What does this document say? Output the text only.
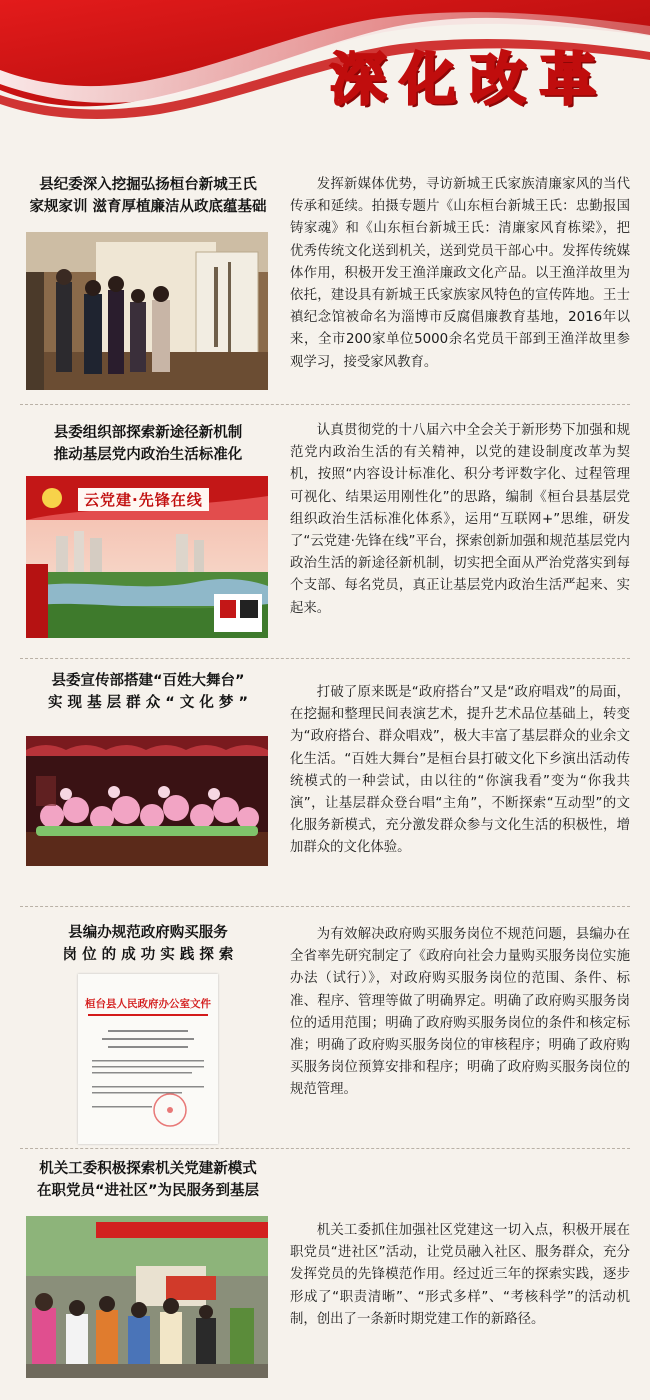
深化改革
县纪委深入挖掘弘扬桓台新城王氏
家规家训 滋育厚植廉洁从政底蕴基础

发挥新媒体优势，寻访新城王氏家族清廉家风的当代传承和延续。拍摄专题片《山东桓台新城王氏：忠勤报国铸家魂》和《山东桓台新城王氏：清廉家风育栋梁》，把优秀传统文化送到机关，送到党员干部心中。发挥传统媒体作用，积极开发王渔洋廉政文化产品。以王渔洋故里为依托，建设具有新城王氏家族家风特色的宣传阵地。王士禛纪念馆被命名为淄博市反腐倡廉教育基地，2016年以来，全市200家单位5000余名党员干部到王渔洋故里参观学习，接受家风教育。

县委组织部探索新途径新机制
推动基层党内政治生活标准化
云党建·先锋在线

认真贯彻党的十八届六中全会关于新形势下加强和规范党内政治生活的有关精神，以党的建设制度改革为契机，按照“内容设计标准化、积分考评数字化、过程管理可视化、结果运用刚性化”的思路，编制《桓台县基层党组织政治生活标准化体系》，运用“互联网+”思维，研发了“云党建·先锋在线”平台，探索创新加强和规范基层党内政治生活的新途径新机制，切实把全面从严治党落实到每个支部、每名党员，真正让基层党内政治生活严起来、实起来。

县委宣传部搭建“百姓大舞台”
实 现 基 层 群 众 “ 文 化 梦 ”

打破了原来既是“政府搭台”又是“政府唱戏”的局面，在挖掘和整理民间表演艺术，提升艺术品位基础上，转变为“政府搭台、群众唱戏”，极大丰富了基层群众的业余文化生活。“百姓大舞台”是桓台县打破文化下乡演出活动传统模式的一种尝试，由以往的“你演我看”变为“你我共演”，让基层群众登台唱“主角”，不断探索“互动型”的文化服务新模式，充分激发群众参与文化生活的积极性，增加群众的文化体验。

县编办规范政府购买服务
岗 位 的 成 功 实 践 探 索
桓台县人民政府办公室文件

为有效解决政府购买服务岗位不规范问题，县编办在全省率先研究制定了《政府向社会力量购买服务岗位实施办法（试行）》，对政府购买服务岗位的范围、条件、标准、程序、管理等做了明确界定。明确了政府购买服务岗位的适用范围；明确了政府购买服务岗位的条件和核定标准；明确了政府购买服务岗位的审核程序；明确了政府购买服务岗位预算安排和程序；明确了政府购买服务岗位的规范管理。

机关工委积极探索机关党建新模式
在职党员“进社区”为民服务到基层

机关工委抓住加强社区党建这一切入点，积极开展在职党员“进社区”活动，让党员融入社区、服务群众，充分发挥党员的先锋模范作用。经过近三年的探索实践，逐步形成了“职责清晰”、“形式多样”、“考核科学”的活动机制，创出了一条新时期党建工作的新路径。
